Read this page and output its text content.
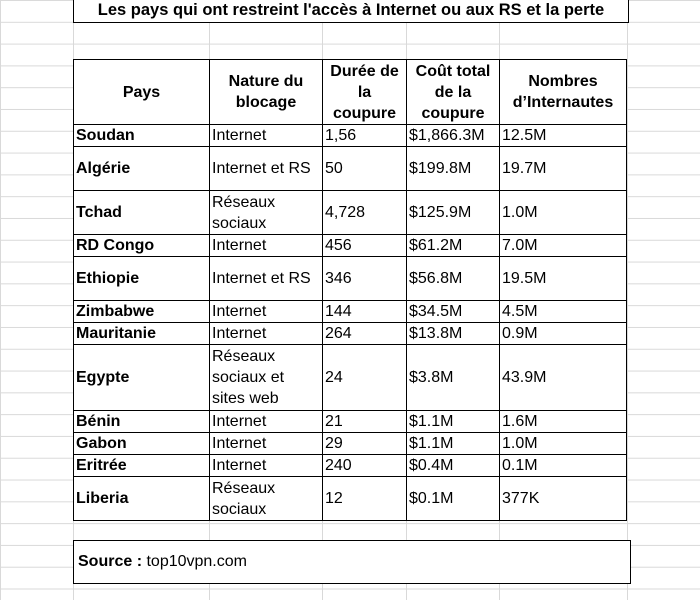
Les pays qui ont restreint l'accès à Internet ou aux RS et la perte
Pays	Nature du blocage	Durée de la coupure	Coût total de la coupure	Nombres d’Internautes
Soudan	Internet	1,56	$1,866.3M	12.5M
Algérie	Internet et RS	50	$199.8M	19.7M
Tchad	Réseaux sociaux	4,728	$125.9M	1.0M
RD Congo	Internet	456	$61.2M	7.0M
Ethiopie	Internet et RS	346	$56.8M	19.5M
Zimbabwe	Internet	144	$34.5M	4.5M
Mauritanie	Internet	264	$13.8M	0.9M
Egypte	Réseaux sociaux et sites web	24	$3.8M	43.9M
Bénin	Internet	21	$1.1M	1.6M
Gabon	Internet	29	$1.1M	1.0M
Eritrée	Internet	240	$0.4M	0.1M
Liberia	Réseaux sociaux	12	$0.1M	377K
Source : top10vpn.com
